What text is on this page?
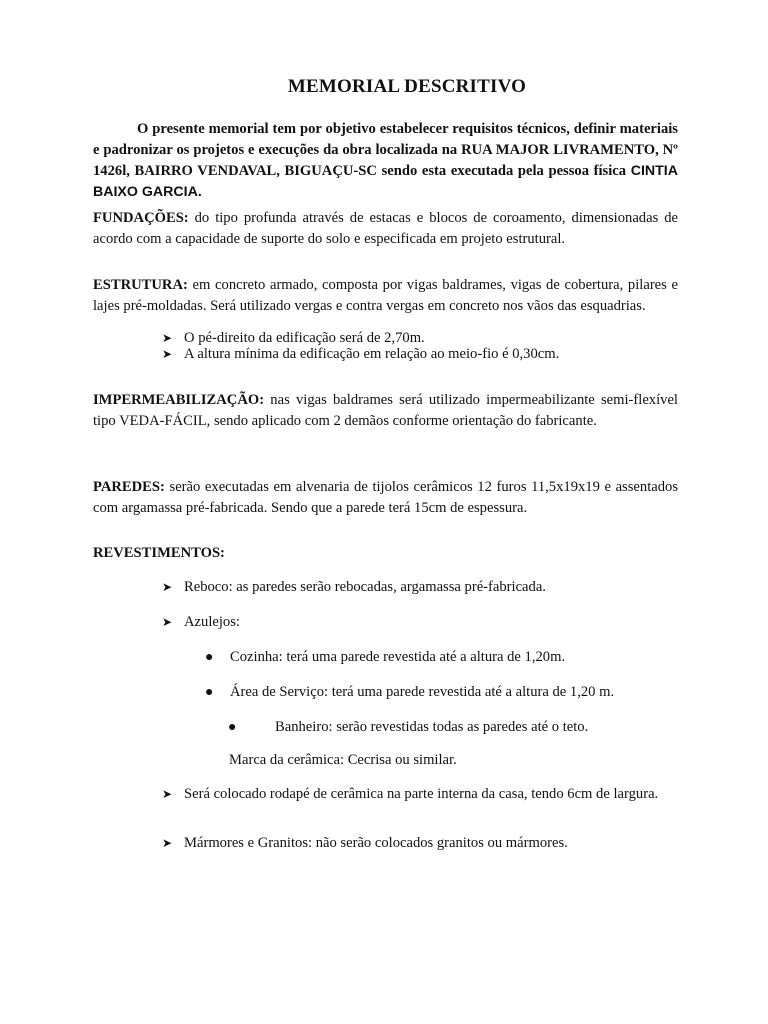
MEMORIAL DESCRITIVO
O presente memorial tem por objetivo estabelecer requisitos técnicos, definir materiais e padronizar os projetos e execuções da obra localizada na RUA MAJOR LIVRAMENTO, Nº 1426l, BAIRRO VENDAVAL, BIGUAÇU-SC sendo esta executada pela pessoa física CINTIA BAIXO GARCIA.
FUNDAÇÕES: do tipo profunda através de estacas e blocos de coroamento, dimensionadas de acordo com a capacidade de suporte do solo e especificada em projeto estrutural.
ESTRUTURA: em concreto armado, composta por vigas baldrames, vigas de cobertura, pilares e lajes pré-moldadas. Será utilizado vergas e contra vergas em concreto nos vãos das esquadrias.
➤ O pé-direito da edificação será de 2,70m.
➤ A altura mínima da edificação em relação ao meio-fio é 0,30cm.
IMPERMEABILIZAÇÃO: nas vigas baldrames será utilizado impermeabilizante semi-flexível tipo VEDA-FÁCIL, sendo aplicado com 2 demãos conforme orientação do fabricante.
PAREDES: serão executadas em alvenaria de tijolos cerâmicos 12 furos 11,5x19x19 e assentados com argamassa pré-fabricada. Sendo que a parede terá 15cm de espessura.
REVESTIMENTOS:
➤ Reboco: as paredes serão rebocadas, argamassa pré-fabricada.
➤ Azulejos:
● Cozinha: terá uma parede revestida até a altura de 1,20m.
● Área de Serviço: terá uma parede revestida até a altura de 1,20 m.
●	Banheiro: serão revestidas todas as paredes até o teto.
Marca da cerâmica: Cecrisa ou similar.
➤ Será colocado rodapé de cerâmica na parte interna da casa, tendo 6cm de largura.
➤ Mármores e Granitos: não serão colocados granitos ou mármores.
